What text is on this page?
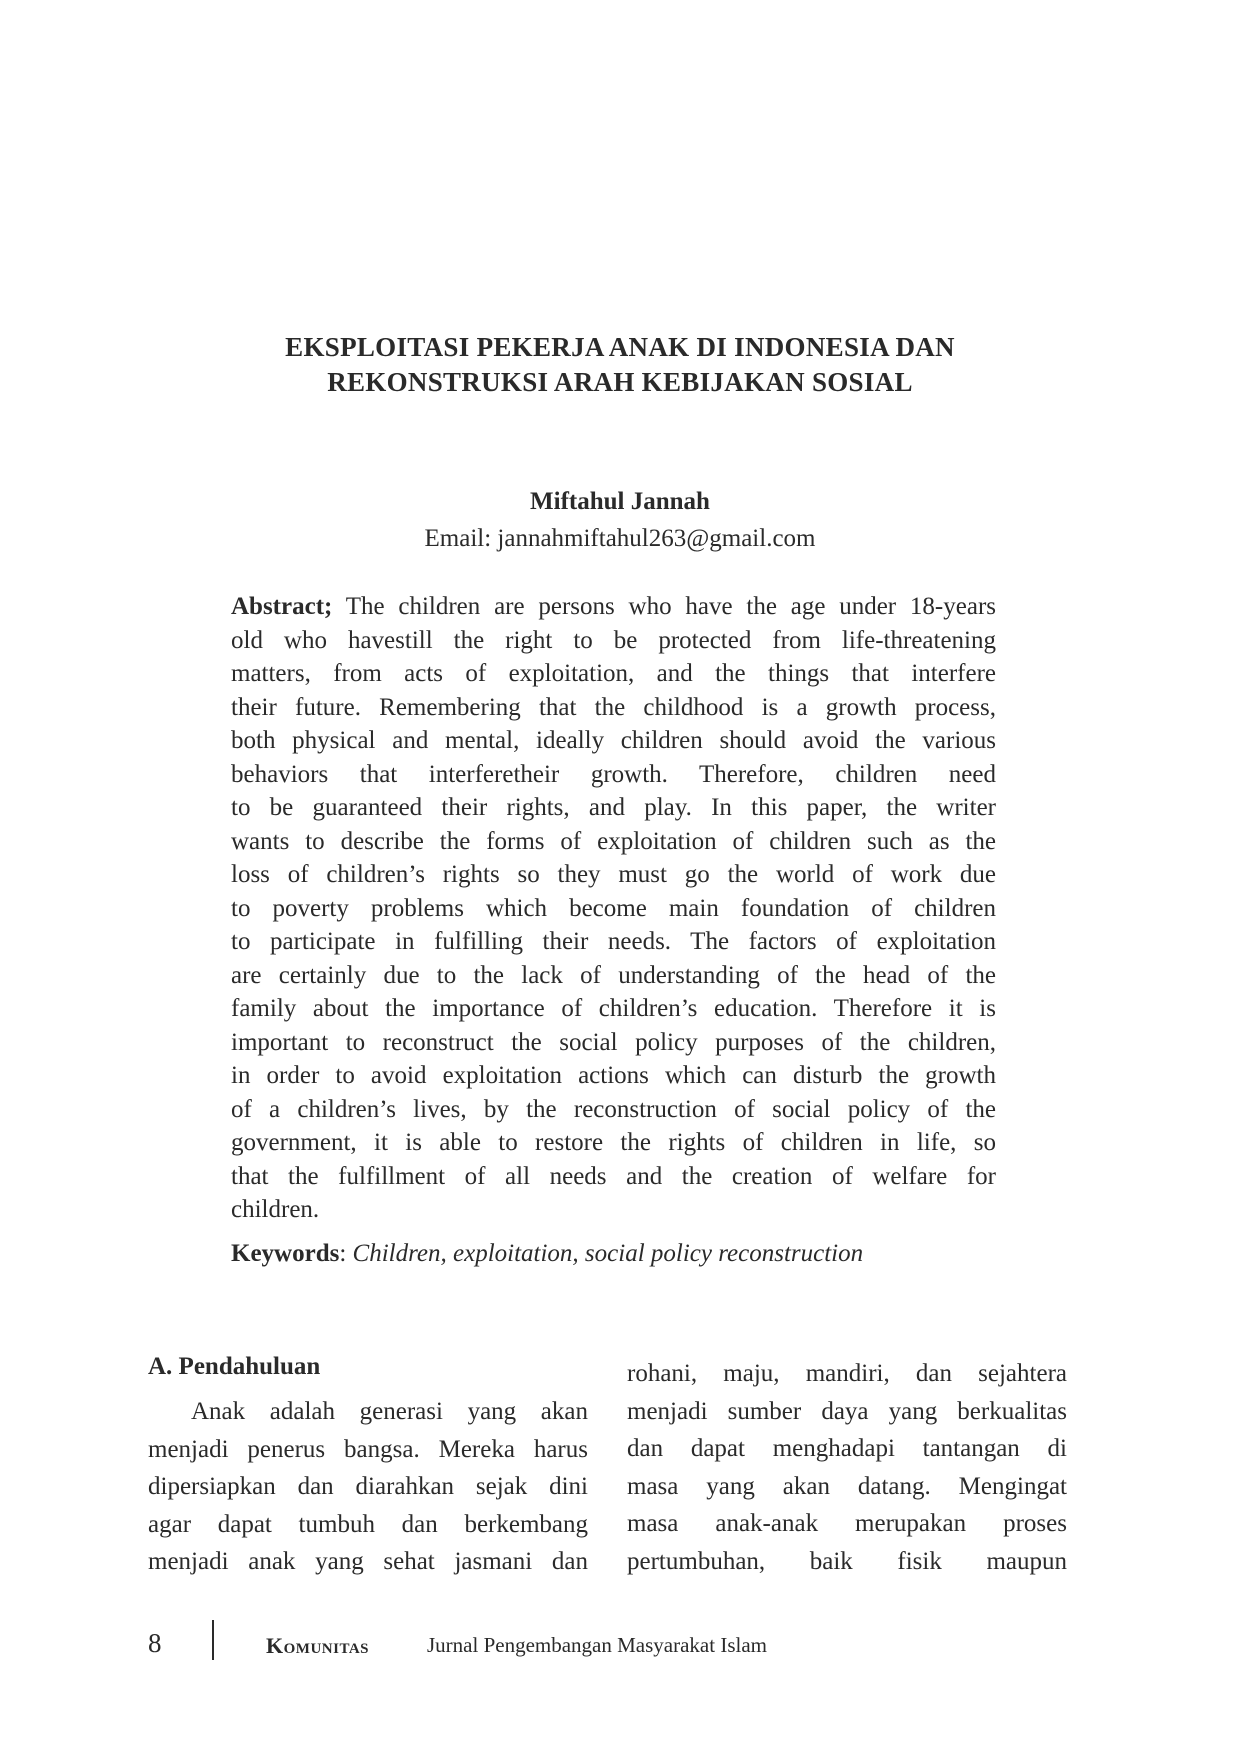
EKSPLOITASI PEKERJA ANAK DI INDONESIA DAN
REKONSTRUKSI ARAH KEBIJAKAN SOSIAL
Miftahul Jannah
Email: jannahmiftahul263@gmail.com
Abstract; The children are persons who have the age under 18-years
old who havestill the right to be protected from life-threatening
matters, from acts of exploitation, and the things that interfere
their future. Remembering that the childhood is a growth process,
both physical and mental, ideally children should avoid the various
behaviors that interferetheir growth. Therefore, children need
to be guaranteed their rights, and play. In this paper, the writer
wants to describe the forms of exploitation of children such as the
loss of children’s rights so they must go the world of work due
to poverty problems which become main foundation of children
to participate in fulfilling their needs. The factors of exploitation
are certainly due to the lack of understanding of the head of the
family about the importance of children’s education. Therefore it is
important to reconstruct the social policy purposes of the children,
in order to avoid exploitation actions which can disturb the growth
of a children’s lives, by the reconstruction of social policy of the
government, it is able to restore the rights of children in life, so
that the fulfillment of all needs and the creation of welfare for
children.
Keywords: Children, exploitation, social policy reconstruction
A. Pendahuluan
Anak adalah generasi yang akan
menjadi penerus bangsa. Mereka harus
dipersiapkan dan diarahkan sejak dini
agar dapat tumbuh dan berkembang
menjadi anak yang sehat jasmani dan
rohani, maju, mandiri, dan sejahtera
menjadi sumber daya yang berkualitas
dan dapat menghadapi tantangan di
masa yang akan datang. Mengingat
masa anak-anak merupakan proses
pertumbuhan, baik fisik maupun
8	Komunitas	Jurnal Pengembangan Masyarakat Islam
